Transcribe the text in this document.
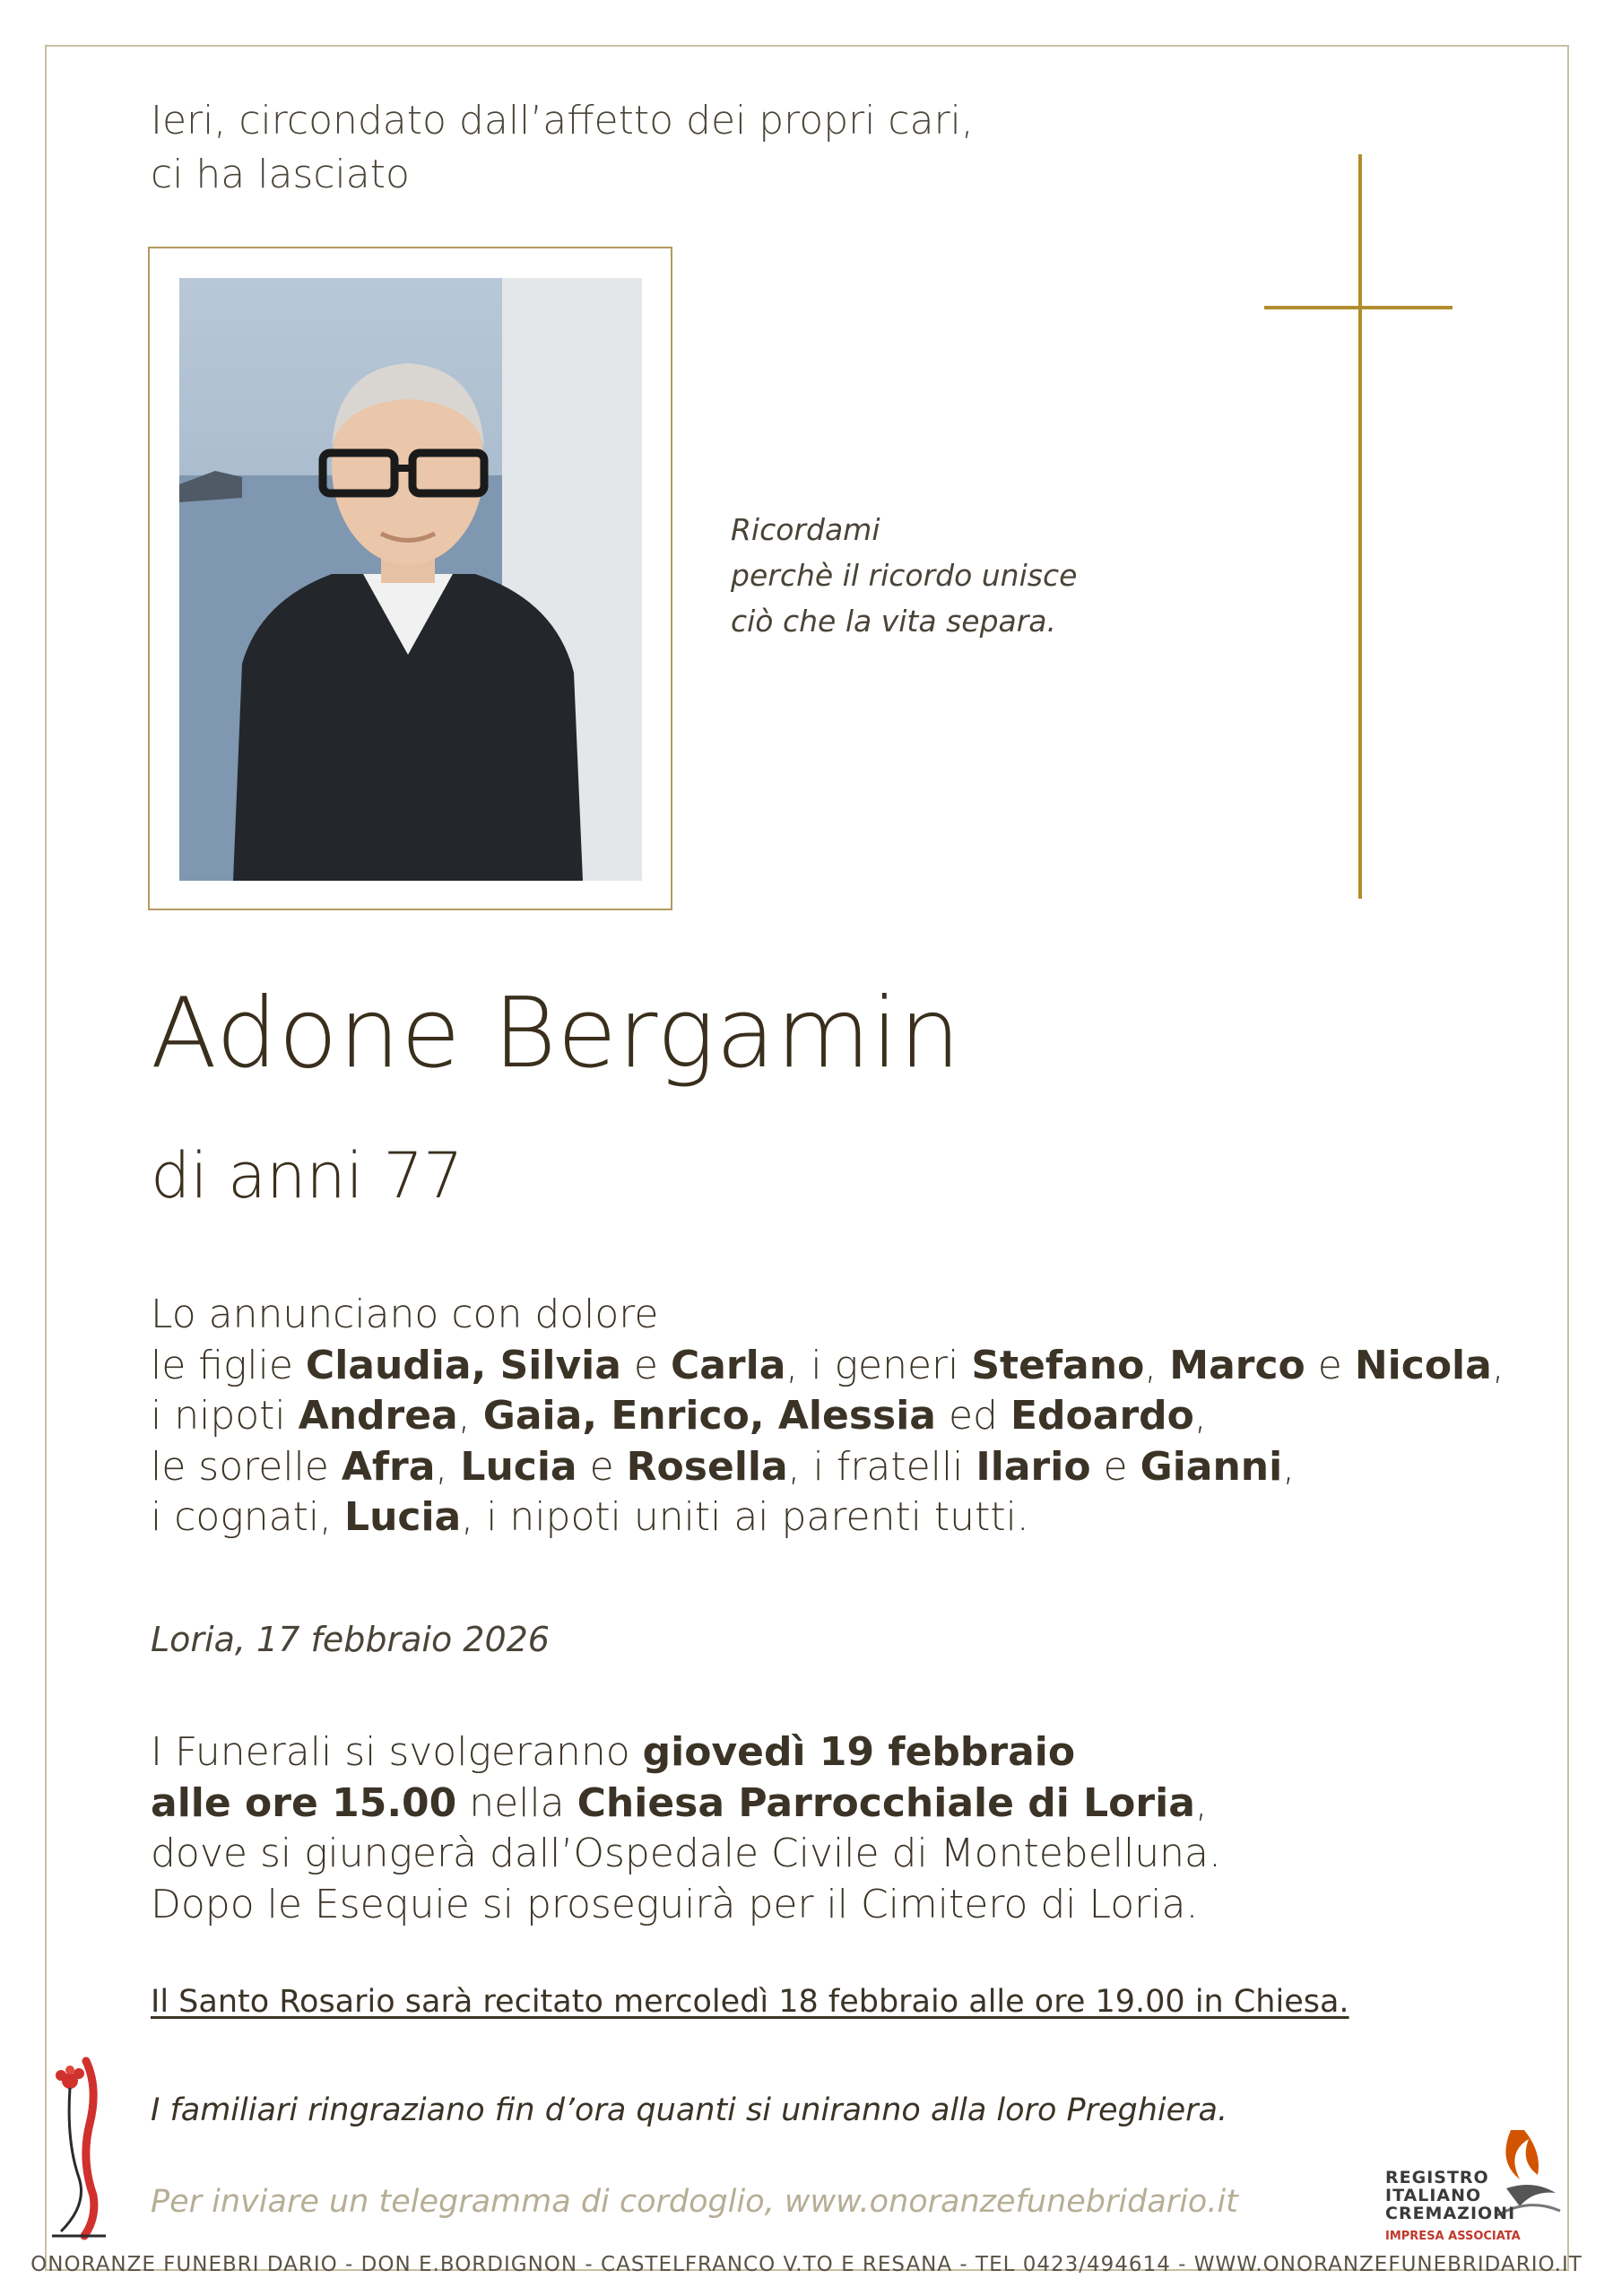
Ieri, circondato dall’affetto dei propri cari,
ci ha lasciato
Ricordami
perchè il ricordo unisce
ciò che la vita separa.
Adone Bergamin
di anni 77
Lo annunciano con dolore
le figlie Claudia, Silvia e Carla, i generi Stefano, Marco e Nicola,
i nipoti Andrea, Gaia, Enrico, Alessia ed Edoardo,
le sorelle Afra, Lucia e Rosella, i fratelli Ilario e Gianni,
i cognati, Lucia, i nipoti uniti ai parenti tutti.
Loria, 17 febbraio 2026
I Funerali si svolgeranno giovedì 19 febbraio
alle ore 15.00 nella Chiesa Parrocchiale di Loria,
dove si giungerà dall’Ospedale Civile di Montebelluna.
Dopo le Esequie si proseguirà per il Cimitero di Loria.
Il Santo Rosario sarà recitato mercoledì 18 febbraio alle ore 19.00 in Chiesa.
I familiari ringraziano fin d’ora quanti si uniranno alla loro Preghiera.
Per inviare un telegramma di cordoglio, www.onoranzefunebridario.it
REGISTRO
ITALIANO
CREMAZIONI
IMPRESA ASSOCIATA
ONORANZE FUNEBRI DARIO - DON E.BORDIGNON - CASTELFRANCO V.TO E RESANA - TEL 0423/494614 - WWW.ONORANZEFUNEBRIDARIO.IT
